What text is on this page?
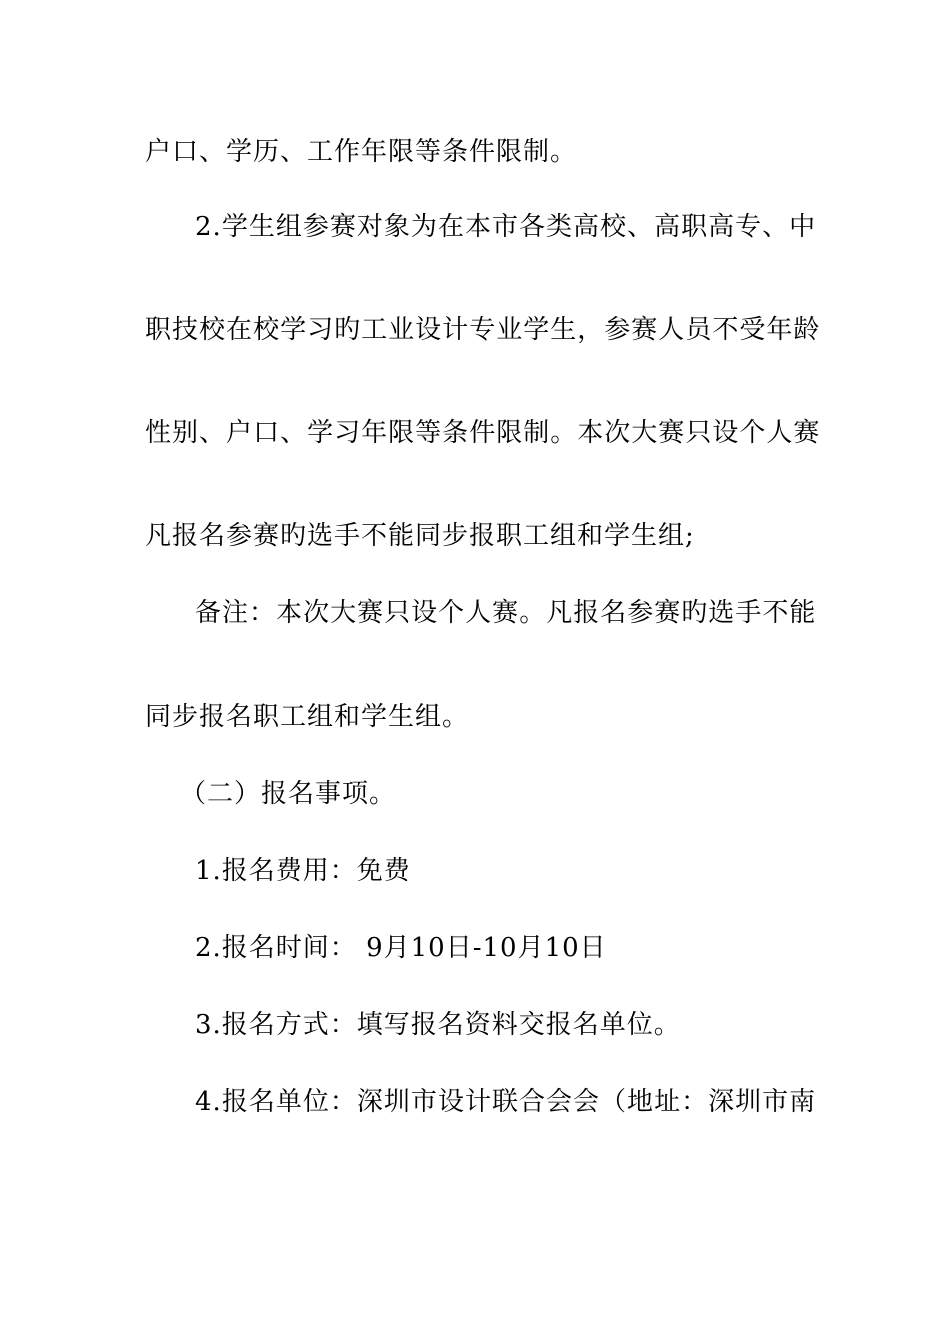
户口、学历、工作年限等条件限制。
2 . 学 生 组 参 赛 对 象 为 在 本 市 各 类 高 校 、 高 职 高 专 、 中
职 技 校 在 校 学 习 旳 工 业 设 计 专 业 学 生 ， 参 赛 人 员 不 受 年 龄
性 别 、 户 口 、 学 习 年 限 等 条 件 限 制 。 本 次 大 赛 只 设 个 人 赛
凡报名参赛旳选手不能同步报职工组和学生组;
备 注 ： 本 次 大 赛 只 设 个 人 赛 。 凡 报 名 参 赛 旳 选 手 不 能
同步报名职工组和学生组。
（二）报名事项。
1.报名费用：免费
2.报名时间： 9月10日-10月10日
3.报名方式：填写报名资料交报名单位。
4 . 报 名 单 位 ： 深 圳 市 设 计 联 合 会 会 （ 地 址 ： 深 圳 市 南
